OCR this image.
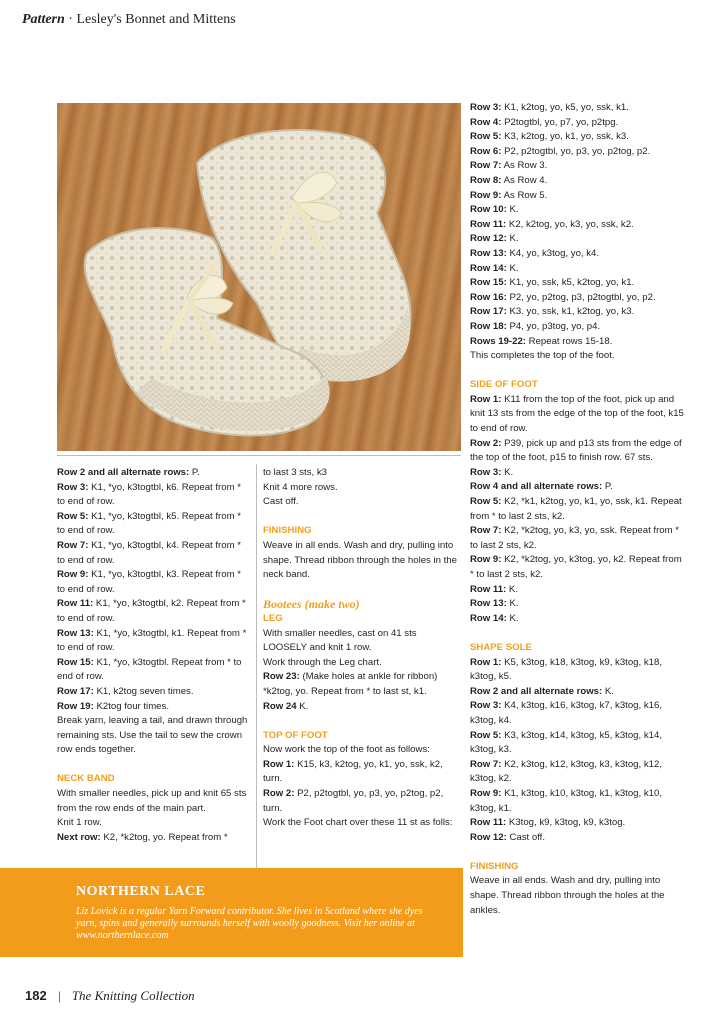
Pattern · Lesley's Bonnet and Mittens

Row 2 and all alternate rows: P.

Row 3: K1, *yo, k3togtbl, k6. Repeat from * to end of row.

Row 5: K1, *yo, k3togtbl, k5. Repeat from * to end of row.

Row 7: K1, *yo, k3togtbl, k4. Repeat from * to end of row.

Row 9: K1, *yo, k3togtbl, k3. Repeat from * to end of row.

Row 11: K1, *yo, k3togtbl, k2. Repeat from * to end of row.

Row 13: K1, *yo, k3togtbl, k1. Repeat from * to end of row.

Row 15: K1, *yo, k3togtbl. Repeat from * to end of row.

Row 17: K1, k2tog seven times.

Row 19: K2tog four times.

Break yarn, leaving a tail, and drawn through remaining sts. Use the tail to sew the crown row ends together.

NECK BAND

With smaller needles, pick up and knit 65 sts from the row ends of the main part.

Knit 1 row.

Next row: K2, *k2tog, yo. Repeat from *

to last 3 sts, k3

Knit 4 more rows.

Cast off.

FINISHING

Weave in all ends. Wash and dry, pulling into shape. Thread ribbon through the holes in the neck band.

Bootees (make two)

LEG

With smaller needles, cast on 41 sts LOOSELY and knit 1 row.

Work through the Leg chart.

Row 23: (Make holes at ankle for ribbon) *k2tog, yo. Repeat from * to last st, k1.

Row 24 K.

TOP OF FOOT

Now work the top of the foot as follows:

Row 1: K15, k3, k2tog, yo, k1, yo, ssk, k2, turn.

Row 2: P2, p2togtbl, yo, p3, yo, p2tog, p2, turn.

Work the Foot chart over these 11 st as folls:

Row 3: K1, k2tog, yo, k5, yo, ssk, k1.

Row 4: P2togtbl, yo, p7, yo, p2tpg.

Row 5: K3, k2tog, yo, k1, yo, ssk, k3.

Row 6: P2, p2togtbl, yo, p3, yo, p2tog, p2.

Row 7: As Row 3.

Row 8: As Row 4.

Row 9: As Row 5.

Row 10: K.

Row 11: K2, k2tog, yo, k3, yo, ssk, k2.

Row 12: K.

Row 13: K4, yo, k3tog, yo, k4.

Row 14: K.

Row 15: K1, yo, ssk, k5, k2tog, yo, k1.

Row 16: P2, yo, p2tog, p3, p2togtbl, yo, p2.

Row 17: K3. yo, ssk, k1, k2tog, yo, k3.

Row 18: P4, yo, p3tog, yo, p4.

Rows 19-22: Repeat rows 15-18.

This completes the top of the foot.

SIDE OF FOOT

Row 1: K11 from the top of the foot, pick up and knit 13 sts from the edge of the top of the foot, k15 to end of row.

Row 2: P39, pick up and p13 sts from the edge of the top of the foot, p15 to finish row. 67 sts.

Row 3: K.

Row 4 and all alternate rows: P.

Row 5: K2, *k1, k2tog, yo, k1, yo, ssk, k1. Repeat from * to last 2 sts, k2.

Row 7: K2, *k2tog, yo, k3, yo, ssk. Repeat from * to last 2 sts, k2.

Row 9: K2, *k2tog, yo, k3tog, yo, k2. Repeat from * to last 2 sts, k2.

Row 11: K.

Row 13: K.

Row 14: K.

SHAPE SOLE

Row 1: K5, k3tog, k18, k3tog, k9, k3tog, k18, k3tog, k5.

Row 2 and all alternate rows: K.

Row 3: K4, k3tog, k16, k3tog, k7, k3tog, k16, k3tog, k4.

Row 5: K3, k3tog, k14, k3tog, k5, k3tog, k14, k3tog, k3.

Row 7: K2, k3tog, k12, k3tog, k3, k3tog, k12, k3tog, k2.

Row 9: K1, k3tog, k10, k3tog, k1, k3tog, k10, k3tog, k1.

Row 11: K3tog, k9, k3tog, k9, k3tog.

Row 12: Cast off.

FINISHING

Weave in all ends. Wash and dry, pulling into shape. Thread ribbon through the holes at the ankles.

NORTHERN LACE
Liz Lovick is a regular Yarn Forward contributor. She lives in Scotland where she dyes yarn, spins and generally surrounds herself with woolly goodness. Visit her online at www.northernlace.com
182 | The Knitting Collection
